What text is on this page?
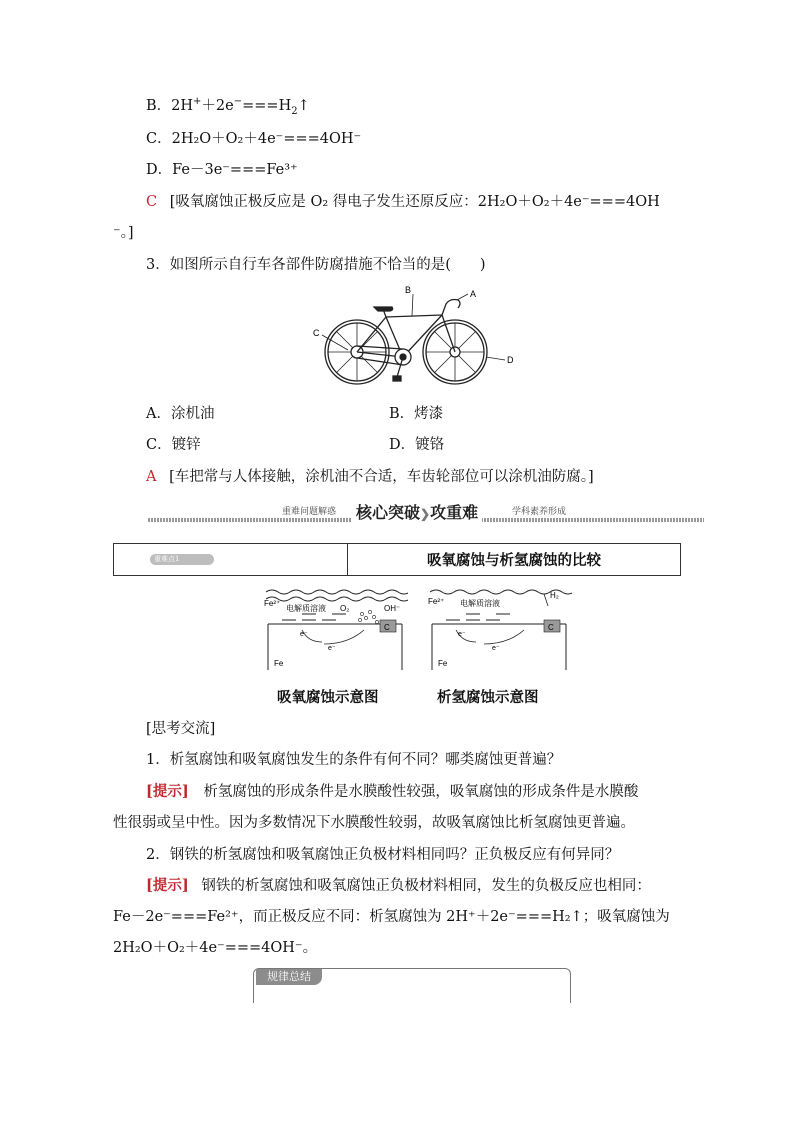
B．$2H^++2e^-===H_2↑$
C．2H₂O＋O₂＋4e⁻===4OH⁻
D．Fe－3e⁻===Fe³⁺
C [吸氧腐蚀正极反应是 O₂ 得电子发生还原反应：2H₂O＋O₂＋4e⁻===4OH
⁻。]
3．如图所示自行车各部件防腐措施不恰当的是(　　)
B	A
C
D
A．涂机油	B．烤漆
C．镀锌	D．镀铬
A [车把常与人体接触，涂机油不合适，车齿轮部位可以涂机油防腐。]
重难问题解惑 核心突破❯攻重难	学科素养形成
重难点1	吸氧腐蚀与析氢腐蚀的比较
Fe²⁺
电解质溶液 O₂	OH⁻
C
e⁻
e⁻
Fe
Fe²⁺ 电解质溶液
H₂
C
e⁻
e⁻
Fe
吸氧腐蚀示意图	析氢腐蚀示意图
[思考交流]
1．析氢腐蚀和吸氧腐蚀发生的条件有何不同？哪类腐蚀更普遍？
[提示] 析氢腐蚀的形成条件是水膜酸性较强，吸氧腐蚀的形成条件是水膜酸
性很弱或呈中性。因为多数情况下水膜酸性较弱，故吸氧腐蚀比析氢腐蚀更普遍。
2．钢铁的析氢腐蚀和吸氧腐蚀正负极材料相同吗？正负极反应有何异同？
[提示] 钢铁的析氢腐蚀和吸氧腐蚀正负极材料相同，发生的负极反应也相同：
Fe－2e⁻===Fe²⁺，而正极反应不同：析氢腐蚀为 2H⁺＋2e⁻===H₂↑；吸氧腐蚀为
2H₂O＋O₂＋4e⁻===4OH⁻。
规律总结
